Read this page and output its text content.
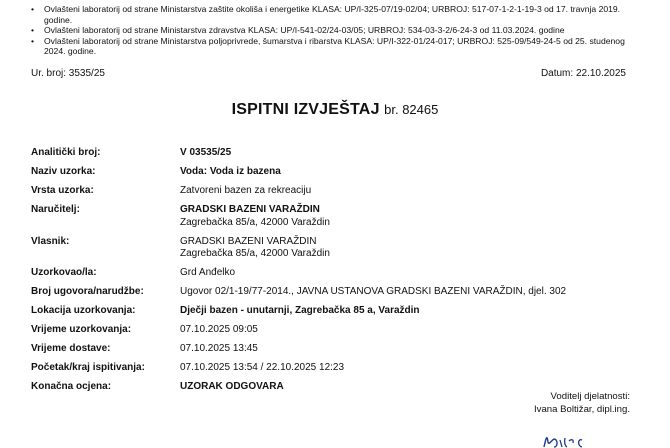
•	Ovlašteni laboratorij od strane Ministarstva zaštite okoliša i energetike KLASA: UP/I-325-07/19-02/04; URBROJ: 517-07-1-2-1-19-3 od 17. travnja 2019. godine.
•	Ovlašteni laboratorij od strane Ministarstva zdravstva KLASA: UP/I-541-02/24-03/05; URBROJ: 534-03-3-2/6-24-3 od 11.03.2024. godine
•	Ovlašteni laboratorij od strane Ministarstva poljoprivrede, šumarstva i ribarstva KLASA: UP/I-322-01/24-017; URBROJ: 525-09/549-24-5 od 25. studenog 2024. godine.
Ur. broj: 3535/25	Datum: 22.10.2025
ISPITNI IZVJEŠTAJ br. 82465
Analitički broj:	V 03535/25
Naziv uzorka:	Voda: Voda iz bazena
Vrsta uzorka:	Zatvoreni bazen za rekreaciju
Naručitelj:	GRADSKI BAZENI VARAŽDIN
Zagrebačka 85/a, 42000 Varaždin
Vlasnik:	GRADSKI BAZENI VARAŽDIN
Zagrebačka 85/a, 42000 Varaždin
Uzorkovao/la:	Grd Anđelko
Broj ugovora/narudžbe:	Ugovor 02/1-19/77-2014., JAVNA USTANOVA GRADSKI BAZENI VARAŽDIN, djel. 302
Lokacija uzorkovanja:	Dječji bazen - unutarnji, Zagrebačka 85 a, Varaždin
Vrijeme uzorkovanja:	07.10.2025 09:05
Vrijeme dostave:	07.10.2025 13:45
Početak/kraj ispitivanja:	07.10.2025 13:54 / 22.10.2025 12:23
Konačna ocjena:	UZORAK ODGOVARA
Voditelj djelatnosti:
Ivana Boltižar, dipl.ing.
